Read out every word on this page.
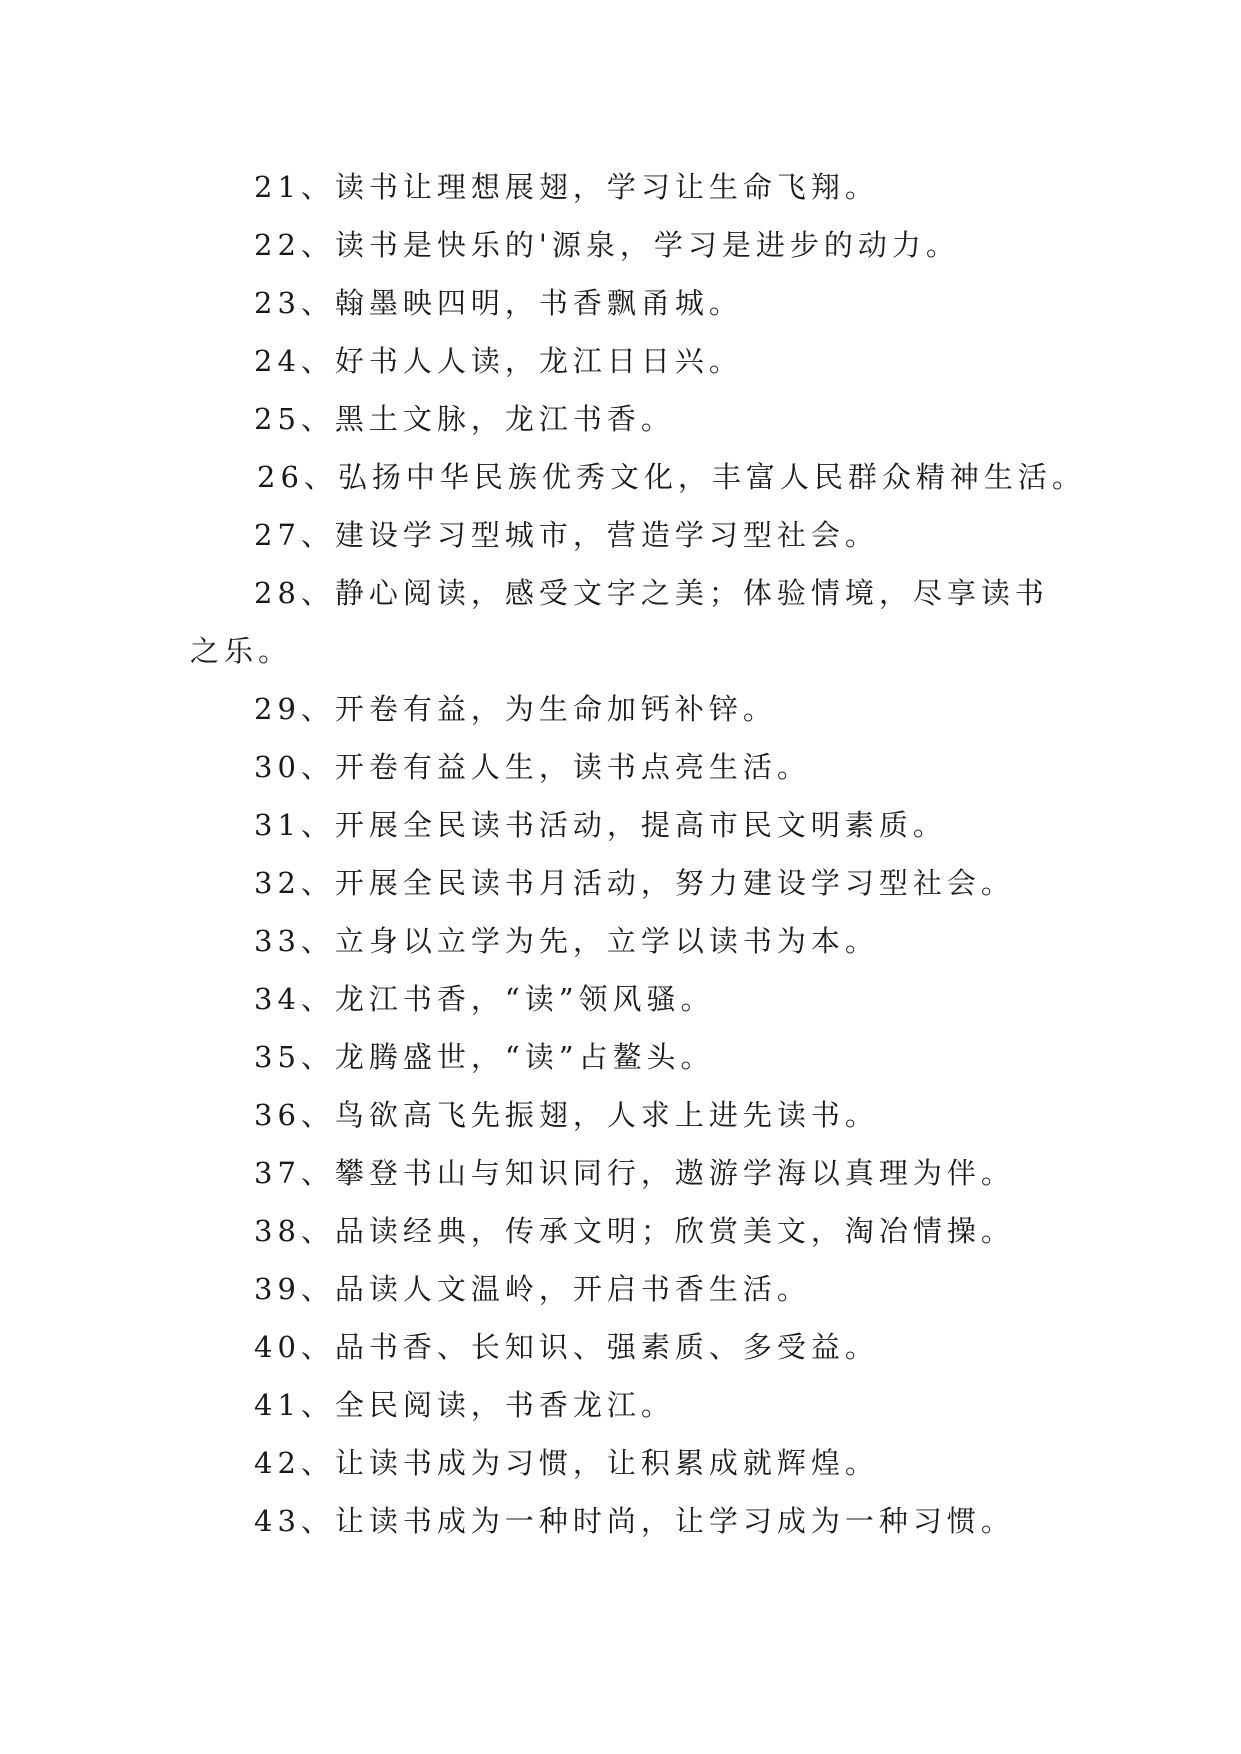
21、读书让理想展翅，学习让生命飞翔。
22、读书是快乐的'源泉，学习是进步的动力。
23、翰墨映四明，书香飘甬城。
24、好书人人读，龙江日日兴。
25、黑土文脉，龙江书香。
26、弘扬中华民族优秀文化，丰富人民群众精神生活。
27、建设学习型城市，营造学习型社会。
28、静心阅读，感受文字之美；体验情境，尽享读书之乐。
29、开卷有益，为生命加钙补锌。
30、开卷有益人生，读书点亮生活。
31、开展全民读书活动，提高市民文明素质。
32、开展全民读书月活动，努力建设学习型社会。
33、立身以立学为先，立学以读书为本。
34、龙江书香，“读”领风骚。
35、龙腾盛世，“读”占鳌头。
36、鸟欲高飞先振翅，人求上进先读书。
37、攀登书山与知识同行，遨游学海以真理为伴。
38、品读经典，传承文明；欣赏美文，淘冶情操。
39、品读人文温岭，开启书香生活。
40、品书香、长知识、强素质、多受益。
41、全民阅读，书香龙江。
42、让读书成为习惯，让积累成就辉煌。
43、让读书成为一种时尚，让学习成为一种习惯。
